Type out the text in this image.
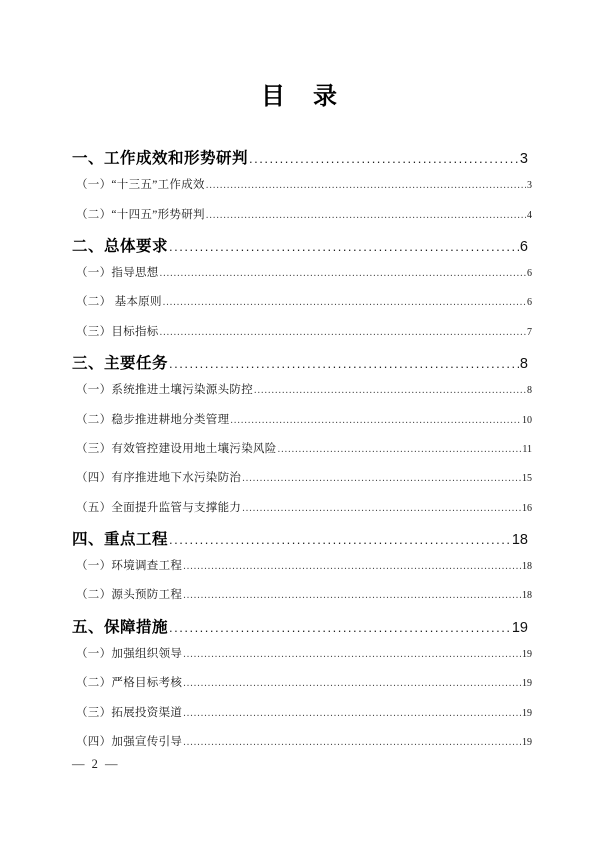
目　录
一、工作成效和形势研判 .....	3
（一）“十三五”工作成效 .....	3
（二）“十四五”形势研判 .....	4
二、总体要求 .....	6
（一）指导思想 .....	6
（二） 基本原则 .....	6
（三）目标指标 .....	7
三、主要任务 .....	8
（一）系统推进土壤污染源头防控 .....	8
（二）稳步推进耕地分类管理 .....	10
（三）有效管控建设用地土壤污染风险 .....	11
（四）有序推进地下水污染防治 .....	15
（五）全面提升监管与支撑能力 .....	16
四、重点工程 .....	18
（一）环境调查工程 .....	18
（二）源头预防工程 .....	18
五、保障措施 .....	19
（一）加强组织领导 .....	19
（二）严格目标考核 .....	19
（三）拓展投资渠道 .....	19
（四）加强宣传引导 .....	19
— 2 —
